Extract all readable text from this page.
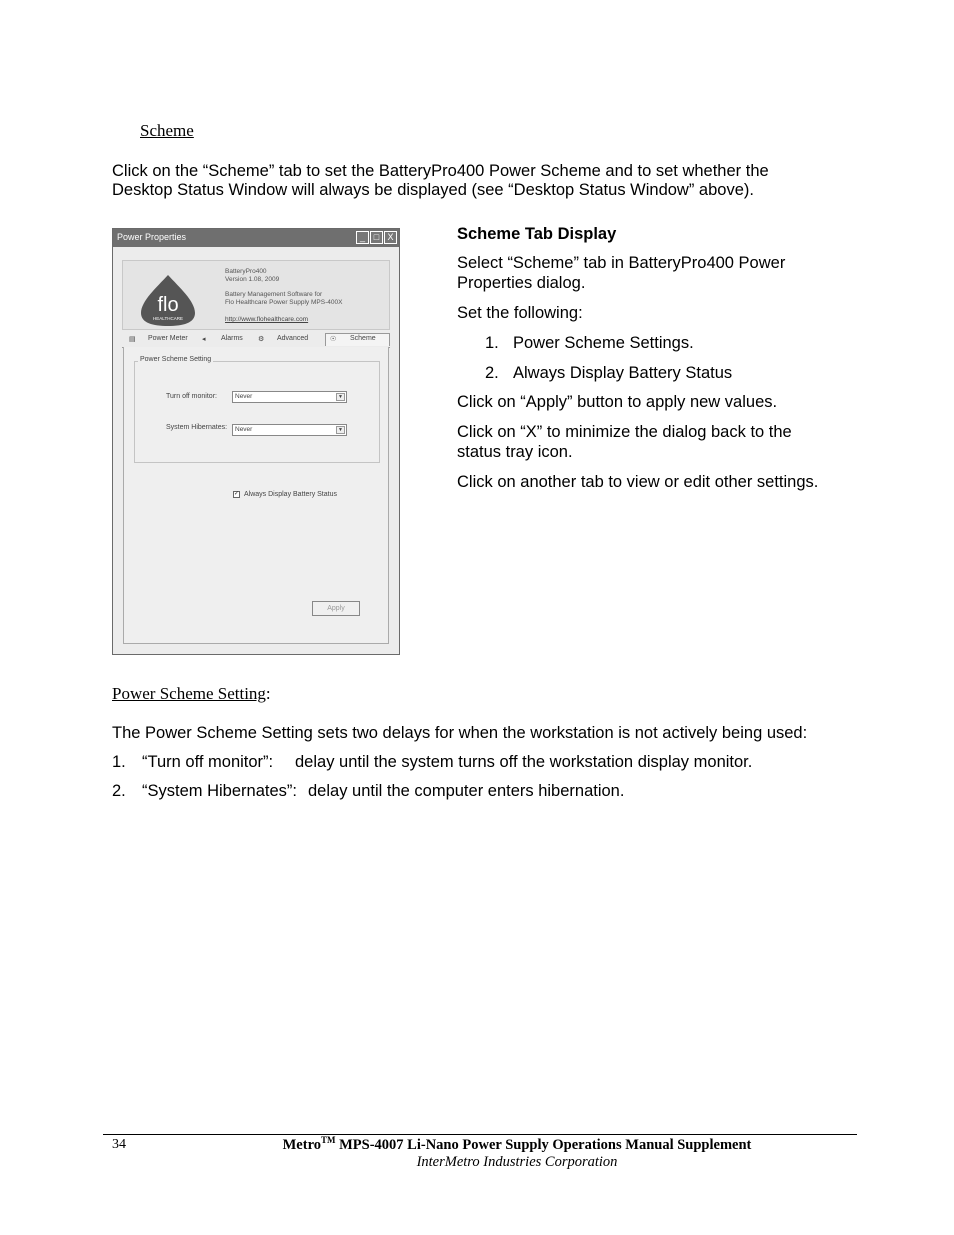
Scheme
Click on the “Scheme” tab to set the BatteryPro400 Power Scheme and to set whether the
Desktop Status Window will always be displayed (see “Desktop Status Window” above).
Power Properties	_ □ X
flo
HEALTHCARE
BatteryPro400
Version 1.08, 2009
Battery Management Software for
Flo Healthcare Power Supply MPS-400X
http://www.flohealthcare.com
▤ Power Meter ◂ Alarms ⚙ Advanced	☉ Scheme
Power Scheme Setting
Turn off monitor:	Never	▼
System Hibernates:	Never	▼
✓ Always Display Battery Status
Apply
Scheme Tab Display
Select “Scheme” tab in BatteryPro400 Power
Properties dialog.
Set the following:
1. Power Scheme Settings.
2. Always Display Battery Status
Click on “Apply” button to apply new values.
Click on “X” to minimize the dialog back to the
status tray icon.
Click on another tab to view or edit other settings.
Power Scheme Setting:
The Power Scheme Setting sets two delays for when the workstation is not actively being used:
1. “Turn off monitor”: delay until the system turns off the workstation display monitor.
2. “System Hibernates”: delay until the computer enters hibernation.
34	Metro™ MPS-4007 Li-Nano Power Supply Operations Manual Supplement
InterMetro Industries Corporation
